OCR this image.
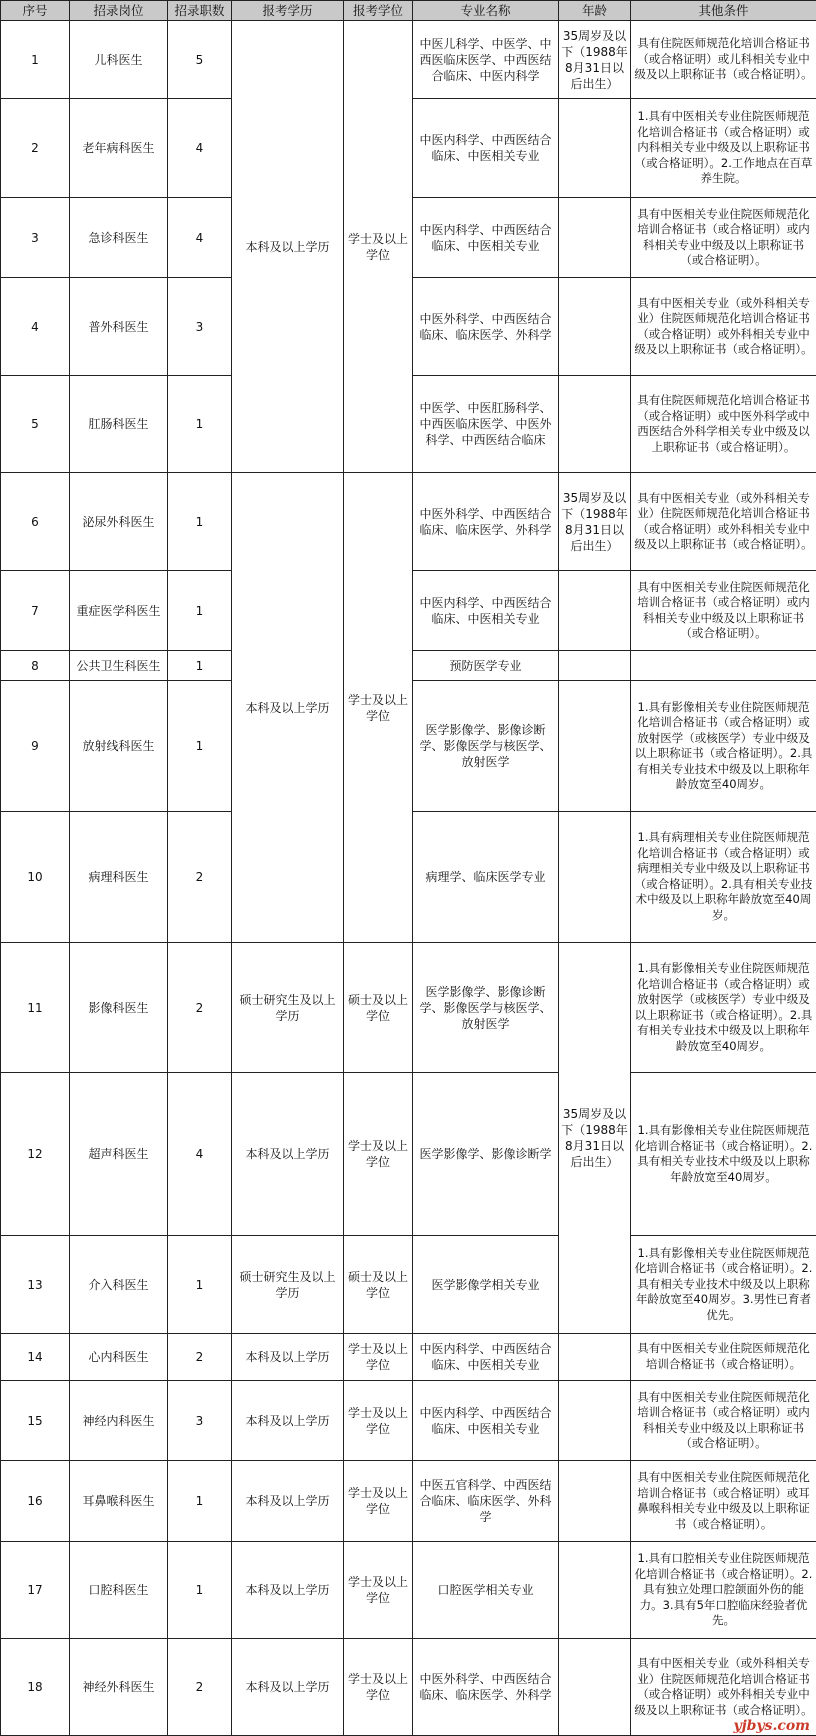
序号	招录岗位	招录职数	报考学历	报考学位	专业名称	年龄	其他条件
1	儿科医生	5	本科及以上学历	学士及以上学位	中医儿科学、中医学、中西医临床医学、中西医结合临床、中医内科学	35周岁及以下（1988年8月31日以后出生）	具有住院医师规范化培训合格证书（或合格证明）或儿科相关专业中级及以上职称证书（或合格证明）。
2	老年病科医生	4			中医内科学、中西医结合临床、中医相关专业		1.具有中医相关专业住院医师规范化培训合格证书（或合格证明）或内科相关专业中级及以上职称证书（或合格证明）。2.工作地点在百草养生院。
3	急诊科医生	4			中医内科学、中西医结合临床、中医相关专业		具有中医相关专业住院医师规范化培训合格证书（或合格证明）或内科相关专业中级及以上职称证书（或合格证明）。
4	普外科医生	3			中医外科学、中西医结合临床、临床医学、外科学		具有中医相关专业（或外科相关专业）住院医师规范化培训合格证书（或合格证明）或外科相关专业中级及以上职称证书（或合格证明）。
5	肛肠科医生	1			中医学、中医肛肠科学、中西医临床医学、中医外科学、中西医结合临床		具有住院医师规范化培训合格证书（或合格证明）或中医外科学或中西医结合外科学相关专业中级及以上职称证书（或合格证明）。
6	泌尿外科医生	1	本科及以上学历	学士及以上学位	中医外科学、中西医结合临床、临床医学、外科学	35周岁及以下（1988年8月31日以后出生）	具有中医相关专业（或外科相关专业）住院医师规范化培训合格证书（或合格证明）或外科相关专业中级及以上职称证书（或合格证明）。
7	重症医学科医生	1			中医内科学、中西医结合临床、中医相关专业		具有中医相关专业住院医师规范化培训合格证书（或合格证明）或内科相关专业中级及以上职称证书（或合格证明）。
8	公共卫生科医生	1			预防医学专业		
9	放射线科医生	1			医学影像学、影像诊断学、影像医学与核医学、放射医学		1.具有影像相关专业住院医师规范化培训合格证书（或合格证明）或放射医学（或核医学）专业中级及以上职称证书（或合格证明）。2.具有相关专业技术中级及以上职称年龄放宽至40周岁。
10	病理科医生	2			病理学、临床医学专业		1.具有病理相关专业住院医师规范化培训合格证书（或合格证明）或病理相关专业中级及以上职称证书（或合格证明）。2.具有相关专业技术中级及以上职称年龄放宽至40周岁。
11	影像科医生	2	硕士研究生及以上学历	硕士及以上学位	医学影像学、影像诊断学、影像医学与核医学、放射医学	35周岁及以下（1988年8月31日以后出生）	1.具有影像相关专业住院医师规范化培训合格证书（或合格证明）或放射医学（或核医学）专业中级及以上职称证书（或合格证明）。2.具有相关专业技术中级及以上职称年龄放宽至40周岁。
12	超声科医生	4	本科及以上学历	学士及以上学位	医学影像学、影像诊断学		1.具有影像相关专业住院医师规范化培训合格证书（或合格证明）。2.具有相关专业技术中级及以上职称年龄放宽至40周岁。
13	介入科医生	1	硕士研究生及以上学历	硕士及以上学位	医学影像学相关专业		1.具有影像相关专业住院医师规范化培训合格证书（或合格证明）。2.具有相关专业技术中级及以上职称年龄放宽至40周岁。3.男性已育者优先。
14	心内科医生	2	本科及以上学历	学士及以上学位	中医内科学、中西医结合临床、中医相关专业		具有中医相关专业住院医师规范化培训合格证书（或合格证明）。
15	神经内科医生	3	本科及以上学历	学士及以上学位	中医内科学、中西医结合临床、中医相关专业		具有中医相关专业住院医师规范化培训合格证书（或合格证明）或内科相关专业中级及以上职称证书（或合格证明）。
16	耳鼻喉科医生	1	本科及以上学历	学士及以上学位	中医五官科学、中西医结合临床、临床医学、外科学		具有中医相关专业住院医师规范化培训合格证书（或合格证明）或耳鼻喉科相关专业中级及以上职称证书（或合格证明）。
17	口腔科医生	1	本科及以上学历	学士及以上学位	口腔医学相关专业		1.具有口腔相关专业住院医师规范化培训合格证书（或合格证明）。2.具有独立处理口腔颌面外伤的能力。3.具有5年口腔临床经验者优先。
18	神经外科医生	2	本科及以上学历	学士及以上学位	中医外科学、中西医结合临床、临床医学、外科学		具有中医相关专业（或外科相关专业）住院医师规范化培训合格证书（或合格证明）或外科相关专业中级及以上职称证书（或合格证明）。
yjbys.com
